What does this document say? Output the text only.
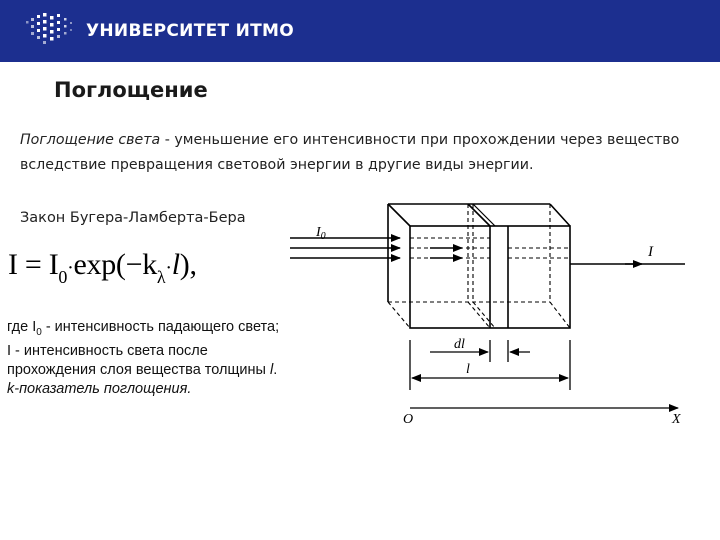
УНИВЕРСИТЕТ ИТМО
Поглощение
Поглощение света - уменьшение его интенсивности при прохождении через вещество вследствие превращения световой энергии в другие виды энергии.
Закон Бугера-Ламберта-Бера
$I = I_0\cdot\exp(-k_\lambda\cdot l)$,
где $I_0$ - интенсивность падающего света;
I - интенсивность света после
прохождения слоя вещества толщины l.
k-показатель поглощения.
$I_0$
I
dl
l
O	X
